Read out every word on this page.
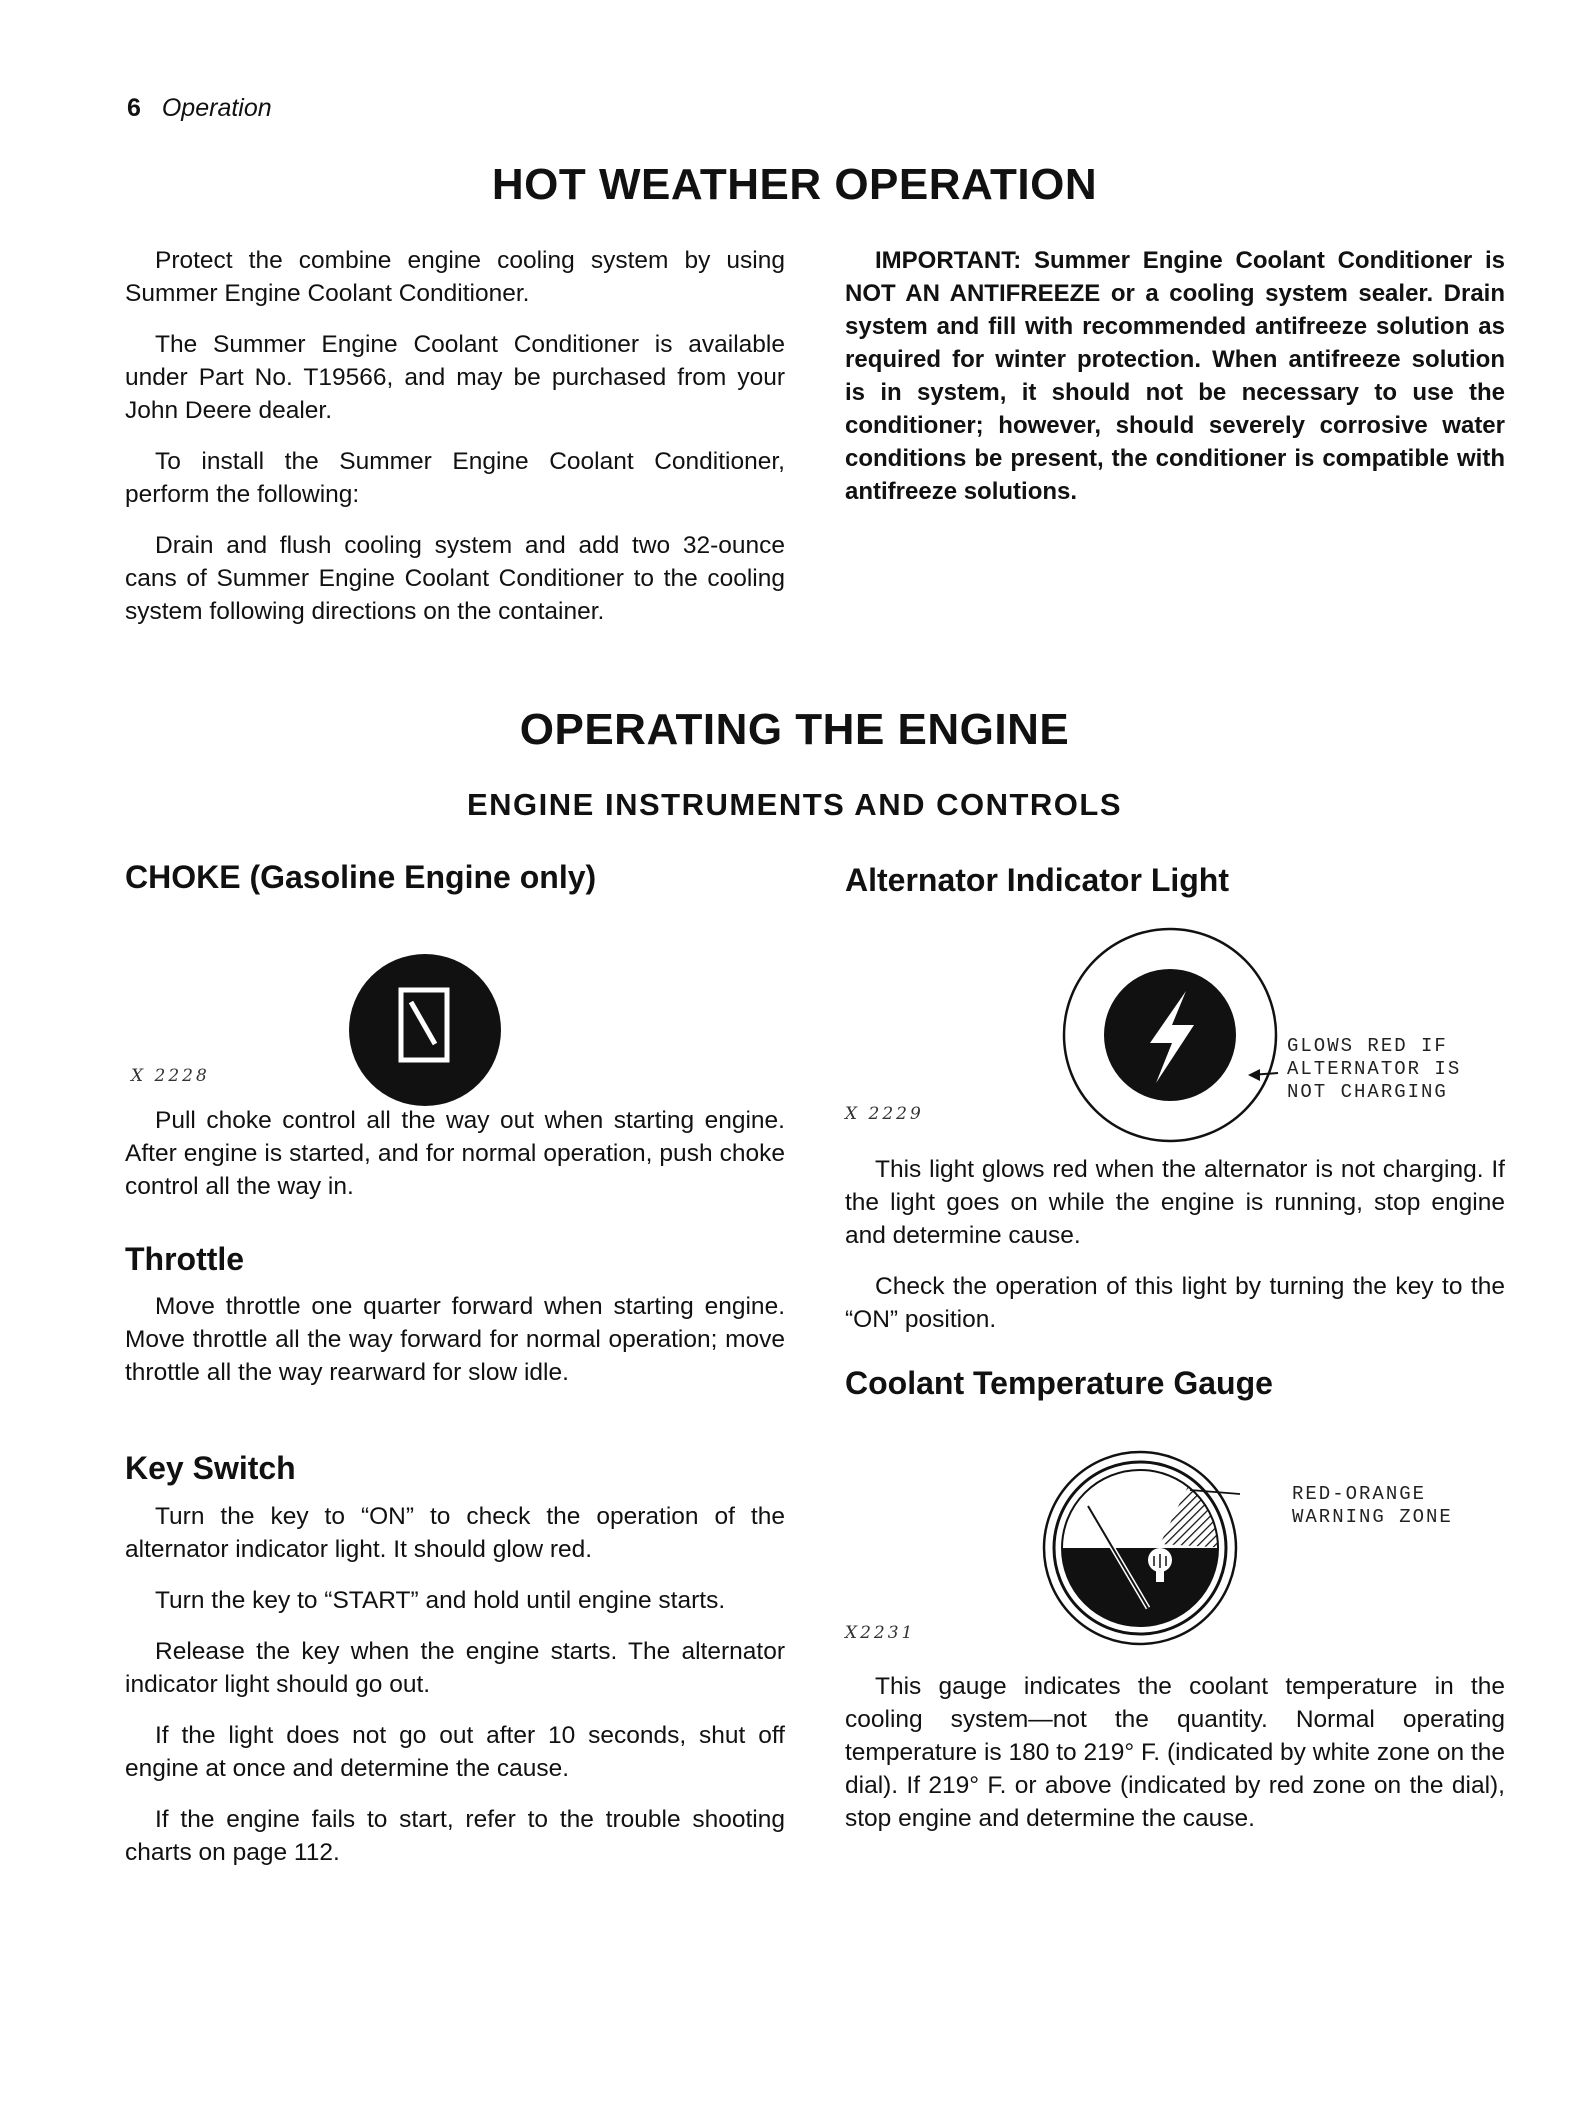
6 Operation
HOT WEATHER OPERATION

Protect the combine engine cooling system by using Summer Engine Coolant Conditioner.

The Summer Engine Coolant Conditioner is available under Part No. T19566, and may be purchased from your John Deere dealer.

To install the Summer Engine Coolant Conditioner, perform the following:

Drain and flush cooling system and add two 32-ounce cans of Summer Engine Coolant Conditioner to the cooling system following directions on the container.

IMPORTANT: Summer Engine Coolant Conditioner is NOT AN ANTIFREEZE or a cooling system sealer. Drain system and fill with recommended antifreeze solution as required for winter protection. When antifreeze solution is in system, it should not be necessary to use the conditioner; however, should severely corrosive water conditions be present, the conditioner is compatible with antifreeze solutions.

OPERATING THE ENGINE
ENGINE INSTRUMENTS AND CONTROLS
CHOKE (Gasoline Engine only)
X 2228

Pull choke control all the way out when starting engine. After engine is started, and for normal operation, push choke control all the way in.

Throttle

Move throttle one quarter forward when starting engine. Move throttle all the way forward for normal operation; move throttle all the way rearward for slow idle.

Key Switch

Turn the key to “ON” to check the operation of the alternator indicator light. It should glow red.

Turn the key to “START” and hold until engine starts.

Release the key when the engine starts. The alternator indicator light should go out.

If the light does not go out after 10 seconds, shut off engine at once and determine the cause.

If the engine fails to start, refer to the trouble shooting charts on page 112.

Alternator Indicator Light
GLOWS RED IF
ALTERNATOR IS
NOT CHARGING
X 2229

This light glows red when the alternator is not charging. If the light goes on while the engine is running, stop engine and determine cause.

Check the operation of this light by turning the key to the “ON” position.

Coolant Temperature Gauge
RED-ORANGE
WARNING ZONE
X2231

This gauge indicates the coolant temperature in the cooling system—not the quantity. Normal operating temperature is 180 to 219° F. (indicated by white zone on the dial). If 219° F. or above (indicated by red zone on the dial), stop engine and determine the cause.
